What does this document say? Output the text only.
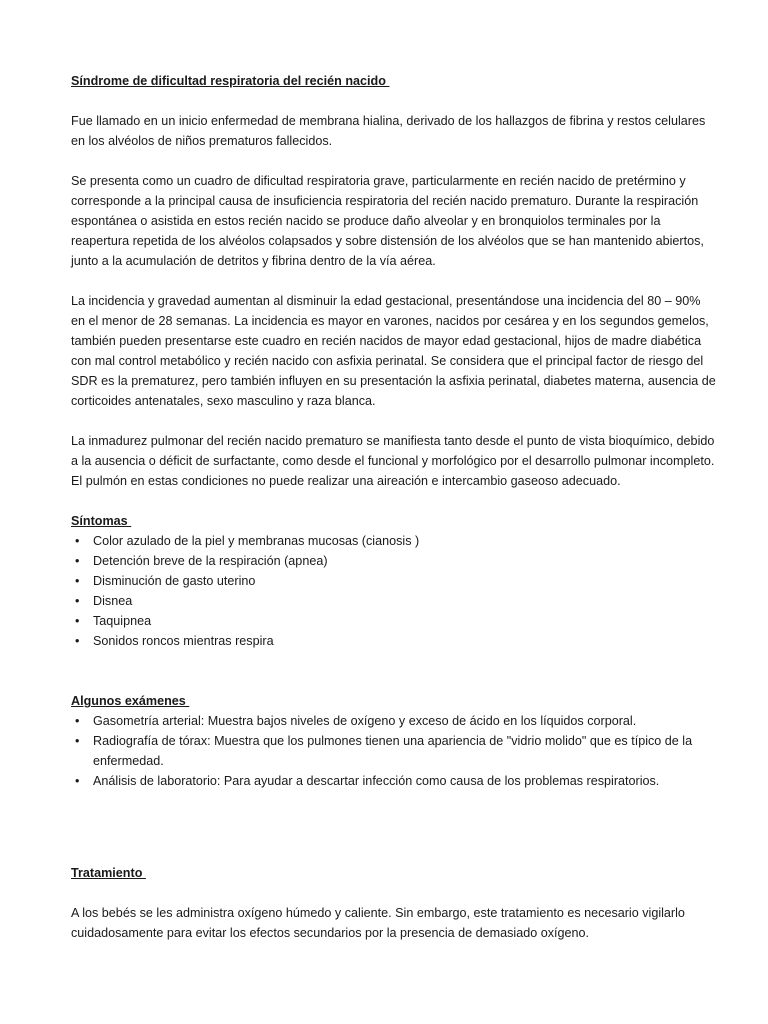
Síndrome de dificultad respiratoria del recién nacido

Fue llamado en un inicio enfermedad de membrana hialina, derivado de los hallazgos de fibrina y restos celulares en los alvéolos de niños prematuros fallecidos.

Se presenta como un cuadro de dificultad respiratoria grave, particularmente en recién nacido de pretérmino y corresponde a la principal causa de insuficiencia respiratoria del recién nacido prematuro. Durante la respiración espontánea o asistida en estos recién nacido se produce daño alveolar y en bronquiolos terminales por la reapertura repetida de los alvéolos colapsados y sobre distensión de los alvéolos que se han mantenido abiertos, junto a la acumulación de detritos y fibrina dentro de la vía aérea.

La incidencia y gravedad aumentan al disminuir la edad gestacional, presentándose una incidencia del 80 – 90% en el menor de 28 semanas. La incidencia es mayor en varones, nacidos por cesárea y en los segundos gemelos, también pueden presentarse este cuadro en recién nacidos de mayor edad gestacional, hijos de madre diabética con mal control metabólico y recién nacido con asfixia perinatal. Se considera que el principal factor de riesgo del SDR es la prematurez, pero también influyen en su presentación la asfixia perinatal, diabetes materna, ausencia de corticoides antenatales, sexo masculino y raza blanca.

La inmadurez pulmonar del recién nacido prematuro se manifiesta tanto desde el punto de vista bioquímico, debido a la ausencia o déficit de surfactante, como desde el funcional y morfológico por el desarrollo pulmonar incompleto. El pulmón en estas condiciones no puede realizar una aireación e intercambio gaseoso adecuado.

Síntomas

• Color azulado de la piel y membranas mucosas (cianosis )
• Detención breve de la respiración (apnea)
• Disminución de gasto uterino
• Disnea
• Taquipnea
• Sonidos roncos mientras respira

Algunos exámenes

• Gasometría arterial: Muestra bajos niveles de oxígeno y exceso de ácido en los líquidos corporal.
• Radiografía de tórax: Muestra que los pulmones tienen una apariencia de "vidrio molido" que es típico de la enfermedad.
• Análisis de laboratorio: Para ayudar a descartar infección como causa de los problemas respiratorios.

Tratamiento

A los bebés se les administra oxígeno húmedo y caliente. Sin embargo, este tratamiento es necesario vigilarlo cuidadosamente para evitar los efectos secundarios por la presencia de demasiado oxígeno.
